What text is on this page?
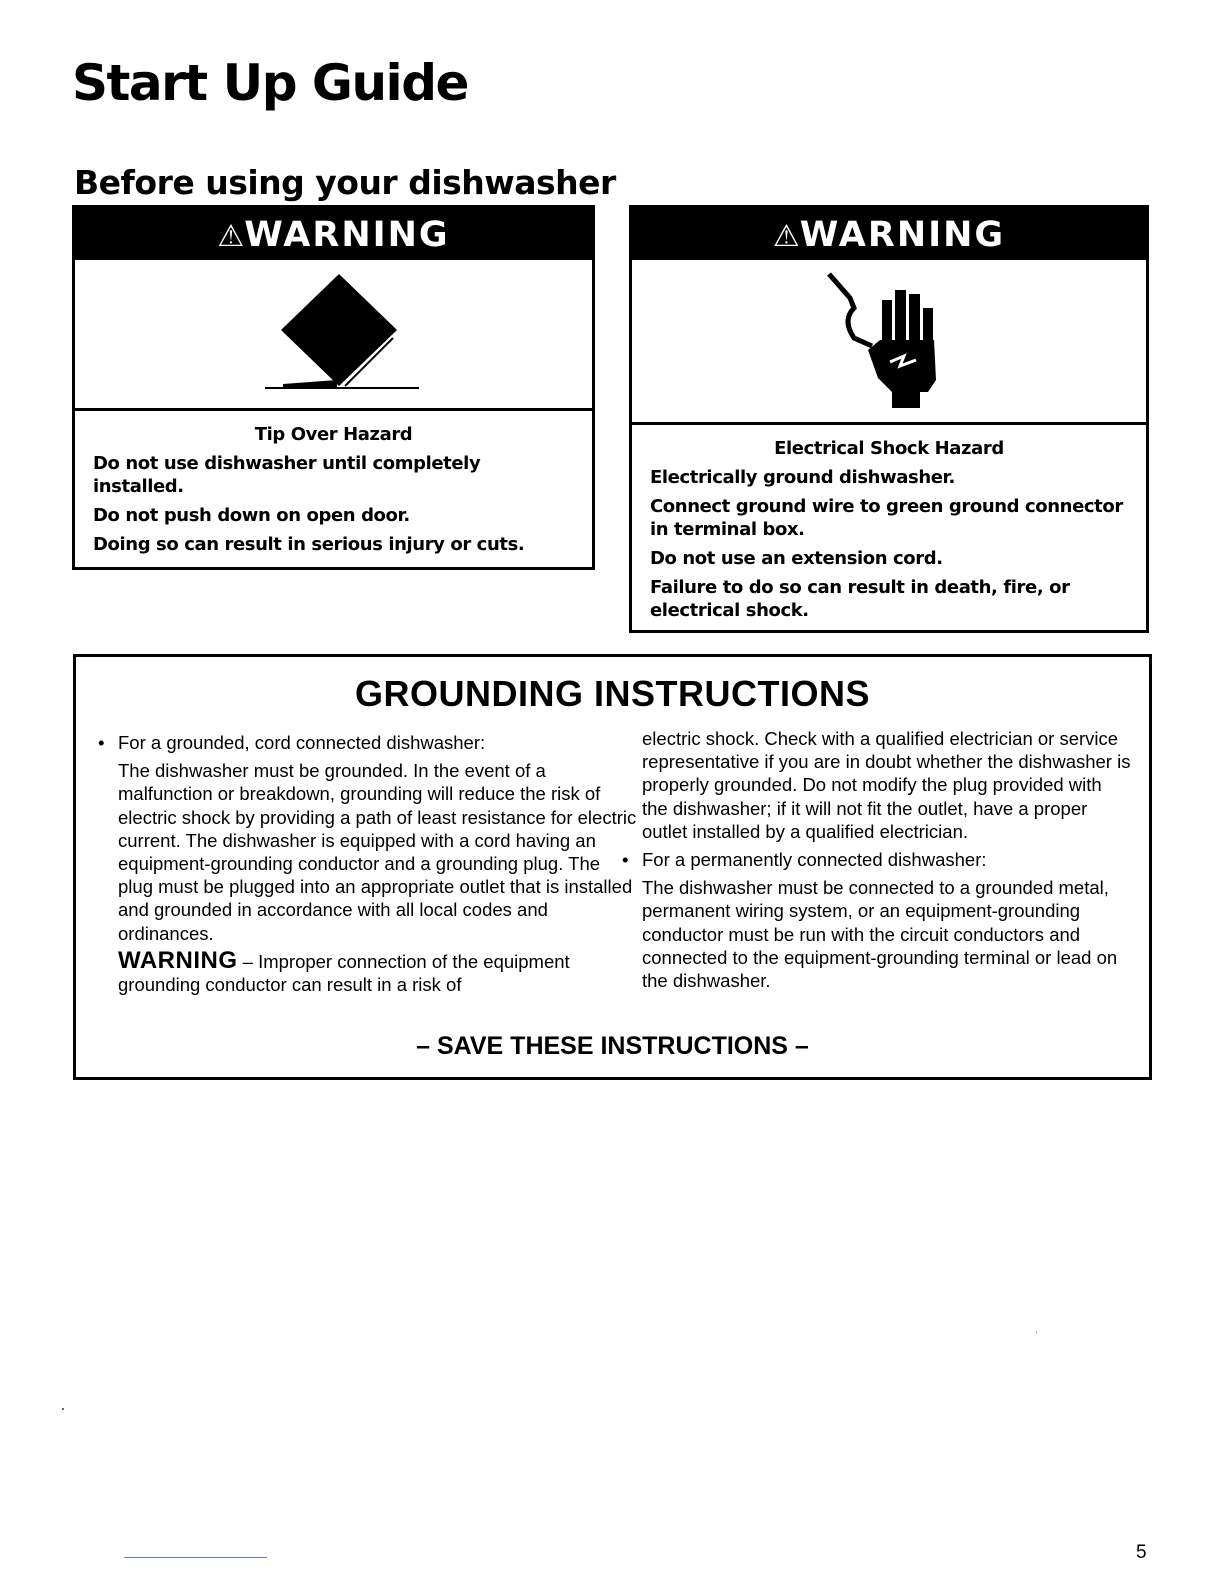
Start Up Guide
Before using your dishwasher
⚠WARNING
Tip Over Hazard

Do not use dishwasher until completely installed.

Do not push down on open door.

Doing so can result in serious injury or cuts.

⚠WARNING
Electrical Shock Hazard

Electrically ground dishwasher.

Connect ground wire to green ground connector in terminal box.

Do not use an extension cord.

Failure to do so can result in death, fire, or electrical shock.

GROUNDING INSTRUCTIONS

• For a grounded, cord connected dishwasher:

The dishwasher must be grounded. In the event of a malfunction or breakdown, grounding will reduce the risk of electric shock by providing a path of least resistance for electric current. The dishwasher is equipped with a cord having an equipment-grounding conductor and a grounding plug. The plug must be plugged into an appropriate outlet that is installed and grounded in accordance with all local codes and ordinances.

WARNING – Improper connection of the equipment grounding conductor can result in a risk of

electric shock. Check with a qualified electrician or service representative if you are in doubt whether the dishwasher is properly grounded. Do not modify the plug provided with the dishwasher; if it will not fit the outlet, have a proper outlet installed by a qualified electrician.

• For a permanently connected dishwasher:

The dishwasher must be connected to a grounded metal, permanent wiring system, or an equipment-grounding conductor must be run with the circuit conductors and connected to the equipment-grounding terminal or lead on the dishwasher.

– SAVE THESE INSTRUCTIONS –
5
